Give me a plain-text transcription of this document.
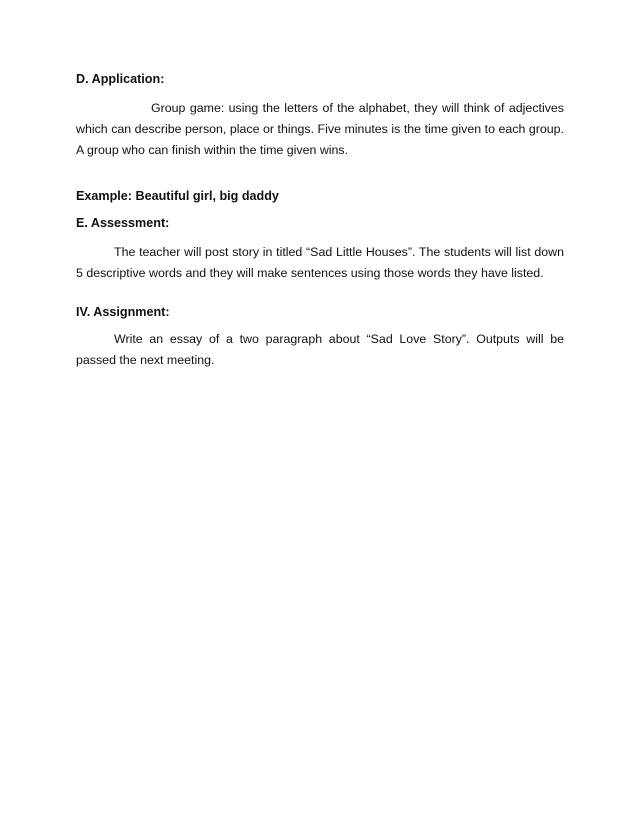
D. Application:

Group game: using the letters of the alphabet, they will think of adjectives which can describe person, place or things. Five minutes is the time given to each group. A group who can finish within the time given wins.

Example: Beautiful girl, big daddy

E. Assessment:

The teacher will post story in titled “Sad Little Houses”. The students will list down 5 descriptive words and they will make sentences using those words they have listed.

IV. Assignment:

Write an essay of a two paragraph about “Sad Love Story”. Outputs will be passed the next meeting.
